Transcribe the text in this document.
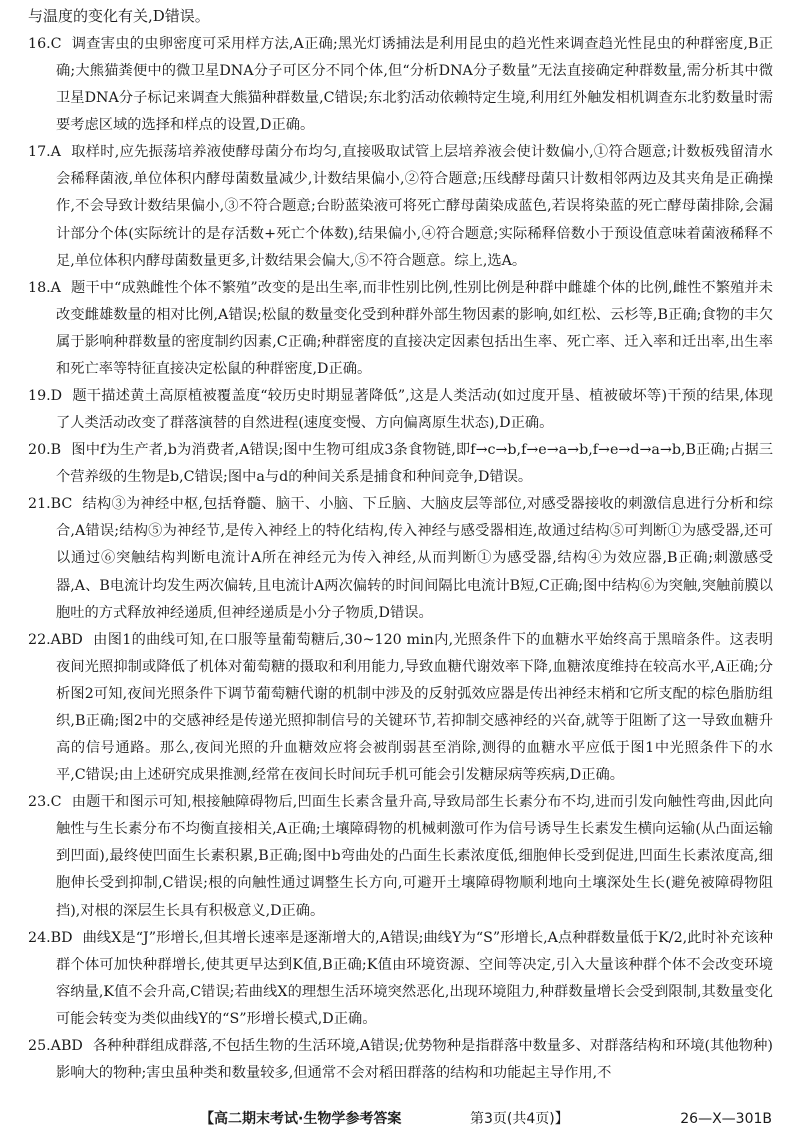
与温度的变化有关,D错误。

16.C 调查害虫的虫卵密度可采用样方法,A正确;黑光灯诱捕法是利用昆虫的趋光性来调查趋光性昆虫的种群密度,B正确;大熊猫粪便中的微卫星DNA分子可区分不同个体,但“分析DNA分子数量”无法直接确定种群数量,需分析其中微卫星DNA分子标记来调查大熊猫种群数量,C错误;东北豹活动依赖特定生境,利用红外触发相机调查东北豹数量时需要考虑区域的选择和样点的设置,D正确。

17.A 取样时,应先振荡培养液使酵母菌分布均匀,直接吸取试管上层培养液会使计数偏小,①符合题意;计数板残留清水会稀释菌液,单位体积内酵母菌数量减少,计数结果偏小,②符合题意;压线酵母菌只计数相邻两边及其夹角是正确操作,不会导致计数结果偏小,③不符合题意;台盼蓝染液可将死亡酵母菌染成蓝色,若误将染蓝的死亡酵母菌排除,会漏计部分个体(实际统计的是存活数+死亡个体数),结果偏小,④符合题意;实际稀释倍数小于预设值意味着菌液稀释不足,单位体积内酵母菌数量更多,计数结果会偏大,⑤不符合题意。综上,选A。

18.A 题干中“成熟雌性个体不繁殖”改变的是出生率,而非性别比例,性别比例是种群中雌雄个体的比例,雌性不繁殖并未改变雌雄数量的相对比例,A错误;松鼠的数量变化受到种群外部生物因素的影响,如红松、云杉等,B正确;食物的丰欠属于影响种群数量的密度制约因素,C正确;种群密度的直接决定因素包括出生率、死亡率、迁入率和迁出率,出生率和死亡率等特征直接决定松鼠的种群密度,D正确。

19.D 题干描述黄土高原植被覆盖度“较历史时期显著降低”,这是人类活动(如过度开垦、植被破坏等)干预的结果,体现了人类活动改变了群落演替的自然进程(速度变慢、方向偏离原生状态),D正确。

20.B 图中f为生产者,b为消费者,A错误;图中生物可组成3条食物链,即f→c→b,f→e→a→b,f→e→d→a→b,B正确;占据三个营养级的生物是b,C错误;图中a与d的种间关系是捕食和种间竞争,D错误。

21.BC 结构③为神经中枢,包括脊髓、脑干、小脑、下丘脑、大脑皮层等部位,对感受器接收的刺激信息进行分析和综合,A错误;结构⑤为神经节,是传入神经上的特化结构,传入神经与感受器相连,故通过结构⑤可判断①为感受器,还可以通过⑥突触结构判断电流计A所在神经元为传入神经,从而判断①为感受器,结构④为效应器,B正确;刺激感受器,A、B电流计均发生两次偏转,且电流计A两次偏转的时间间隔比电流计B短,C正确;图中结构⑥为突触,突触前膜以胞吐的方式释放神经递质,但神经递质是小分子物质,D错误。

22.ABD 由图1的曲线可知,在口服等量葡萄糖后,30~120 min内,光照条件下的血糖水平始终高于黑暗条件。这表明夜间光照抑制或降低了机体对葡萄糖的摄取和利用能力,导致血糖代谢效率下降,血糖浓度维持在较高水平,A正确;分析图2可知,夜间光照条件下调节葡萄糖代谢的机制中涉及的反射弧效应器是传出神经末梢和它所支配的棕色脂肪组织,B正确;图2中的交感神经是传递光照抑制信号的关键环节,若抑制交感神经的兴奋,就等于阻断了这一导致血糖升高的信号通路。那么,夜间光照的升血糖效应将会被削弱甚至消除,测得的血糖水平应低于图1中光照条件下的水平,C错误;由上述研究成果推测,经常在夜间长时间玩手机可能会引发糖尿病等疾病,D正确。

23.C 由题干和图示可知,根接触障碍物后,凹面生长素含量升高,导致局部生长素分布不均,进而引发向触性弯曲,因此向触性与生长素分布不均衡直接相关,A正确;土壤障碍物的机械刺激可作为信号诱导生长素发生横向运输(从凸面运输到凹面),最终使凹面生长素积累,B正确;图中b弯曲处的凸面生长素浓度低,细胞伸长受到促进,凹面生长素浓度高,细胞伸长受到抑制,C错误;根的向触性通过调整生长方向,可避开土壤障碍物顺利地向土壤深处生长(避免被障碍物阻挡),对根的深层生长具有积极意义,D正确。

24.BD 曲线X是“J”形增长,但其增长速率是逐渐增大的,A错误;曲线Y为“S”形增长,A点种群数量低于K/2,此时补充该种群个体可加快种群增长,使其更早达到K值,B正确;K值由环境资源、空间等决定,引入大量该种群个体不会改变环境容纳量,K值不会升高,C错误;若曲线X的理想生活环境突然恶化,出现环境阻力,种群数量增长会受到限制,其数量变化可能会转变为类似曲线Y的“S”形增长模式,D正确。

25.ABD 各种种群组成群落,不包括生物的生活环境,A错误;优势物种是指群落中数量多、对群落结构和环境(其他物种)影响大的物种;害虫虽种类和数量较多,但通常不会对稻田群落的结构和功能起主导作用,不

【高二期末考试·生物学参考答案	第3页(共4页)】	26—X—301B
